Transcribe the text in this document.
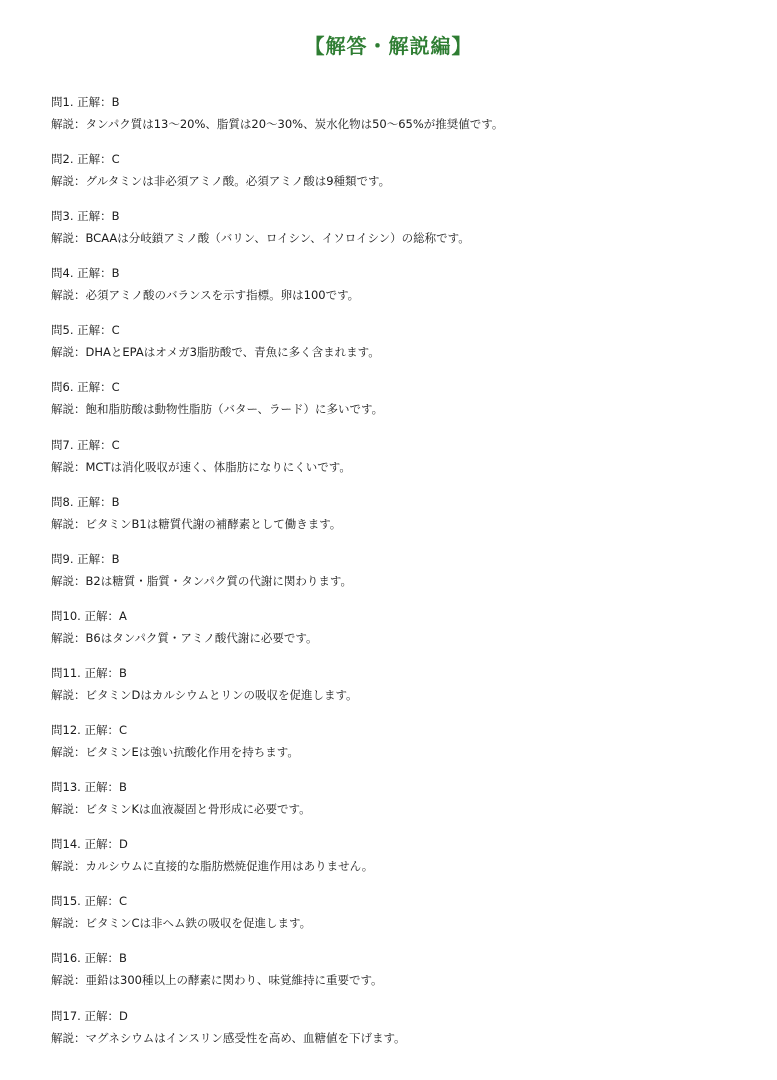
【解答・解説編】
問1. 正解：B
解説：タンパク質は13〜20%、脂質は20〜30%、炭水化物は50〜65%が推奨値です。
問2. 正解：C
解説：グルタミンは非必須アミノ酸。必須アミノ酸は9種類です。
問3. 正解：B
解説：BCAAは分岐鎖アミノ酸（バリン、ロイシン、イソロイシン）の総称です。
問4. 正解：B
解説：必須アミノ酸のバランスを示す指標。卵は100です。
問5. 正解：C
解説：DHAとEPAはオメガ3脂肪酸で、青魚に多く含まれます。
問6. 正解：C
解説：飽和脂肪酸は動物性脂肪（バター、ラード）に多いです。
問7. 正解：C
解説：MCTは消化吸収が速く、体脂肪になりにくいです。
問8. 正解：B
解説：ビタミンB1は糖質代謝の補酵素として働きます。
問9. 正解：B
解説：B2は糖質・脂質・タンパク質の代謝に関わります。
問10. 正解：A
解説：B6はタンパク質・アミノ酸代謝に必要です。
問11. 正解：B
解説：ビタミンDはカルシウムとリンの吸収を促進します。
問12. 正解：C
解説：ビタミンEは強い抗酸化作用を持ちます。
問13. 正解：B
解説：ビタミンKは血液凝固と骨形成に必要です。
問14. 正解：D
解説：カルシウムに直接的な脂肪燃焼促進作用はありません。
問15. 正解：C
解説：ビタミンCは非ヘム鉄の吸収を促進します。
問16. 正解：B
解説：亜鉛は300種以上の酵素に関わり、味覚維持に重要です。
問17. 正解：D
解説：マグネシウムはインスリン感受性を高め、血糖値を下げます。
